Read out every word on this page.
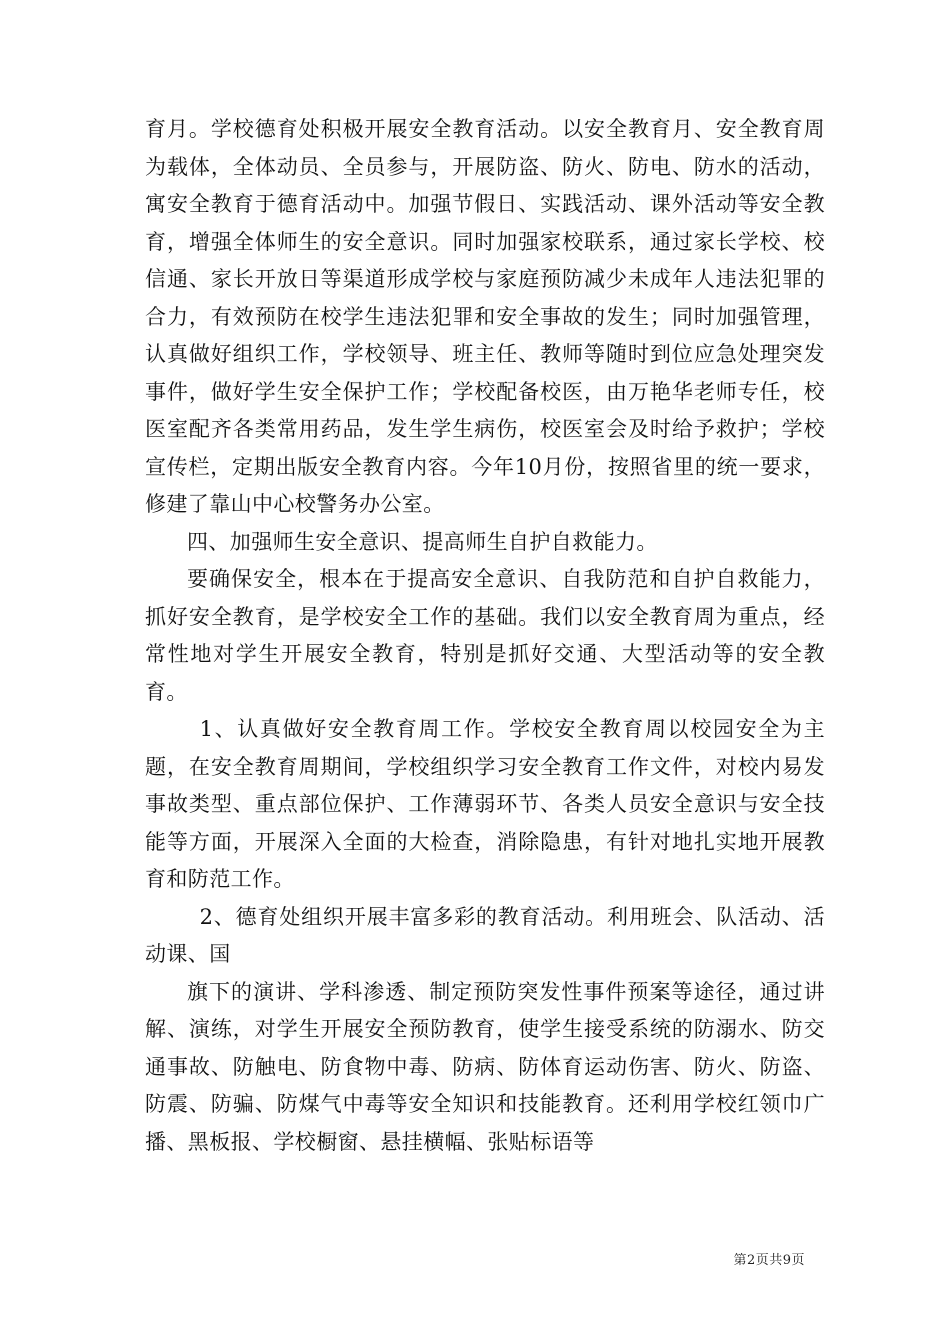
育月。学校德育处积极开展安全教育活动。以安全教育月、安全教育周为载体，全体动员、全员参与，开展防盗、防火、防电、防水的活动，寓安全教育于德育活动中。加强节假日、实践活动、课外活动等安全教育，增强全体师生的安全意识。同时加强家校联系，通过家长学校、校信通、家长开放日等渠道形成学校与家庭预防减少未成年人违法犯罪的合力，有效预防在校学生违法犯罪和安全事故的发生；同时加强管理，认真做好组织工作，学校领导、班主任、教师等随时到位应急处理突发事件，做好学生安全保护工作；学校配备校医，由万艳华老师专任，校医室配齐各类常用药品，发生学生病伤，校医室会及时给予救护；学校宣传栏，定期出版安全教育内容。今年10月份，按照省里的统一要求，修建了靠山中心校警务办公室。

四、加强师生安全意识、提高师生自护自救能力。

要确保安全，根本在于提高安全意识、自我防范和自护自救能力，抓好安全教育，是学校安全工作的基础。我们以安全教育周为重点，经常性地对学生开展安全教育，特别是抓好交通、大型活动等的安全教育。

1、认真做好安全教育周工作。学校安全教育周以校园安全为主题，在安全教育周期间，学校组织学习安全教育工作文件，对校内易发事故类型、重点部位保护、工作薄弱环节、各类人员安全意识与安全技能等方面，开展深入全面的大检查，消除隐患，有针对地扎实地开展教育和防范工作。

2、德育处组织开展丰富多彩的教育活动。利用班会、队活动、活动课、国

旗下的演讲、学科渗透、制定预防突发性事件预案等途径，通过讲解、演练，对学生开展安全预防教育，使学生接受系统的防溺水、防交通事故、防触电、防食物中毒、防病、防体育运动伤害、防火、防盗、防震、防骗、防煤气中毒等安全知识和技能教育。还利用学校红领巾广播、黑板报、学校橱窗、悬挂横幅、张贴标语等

第2页共9页
